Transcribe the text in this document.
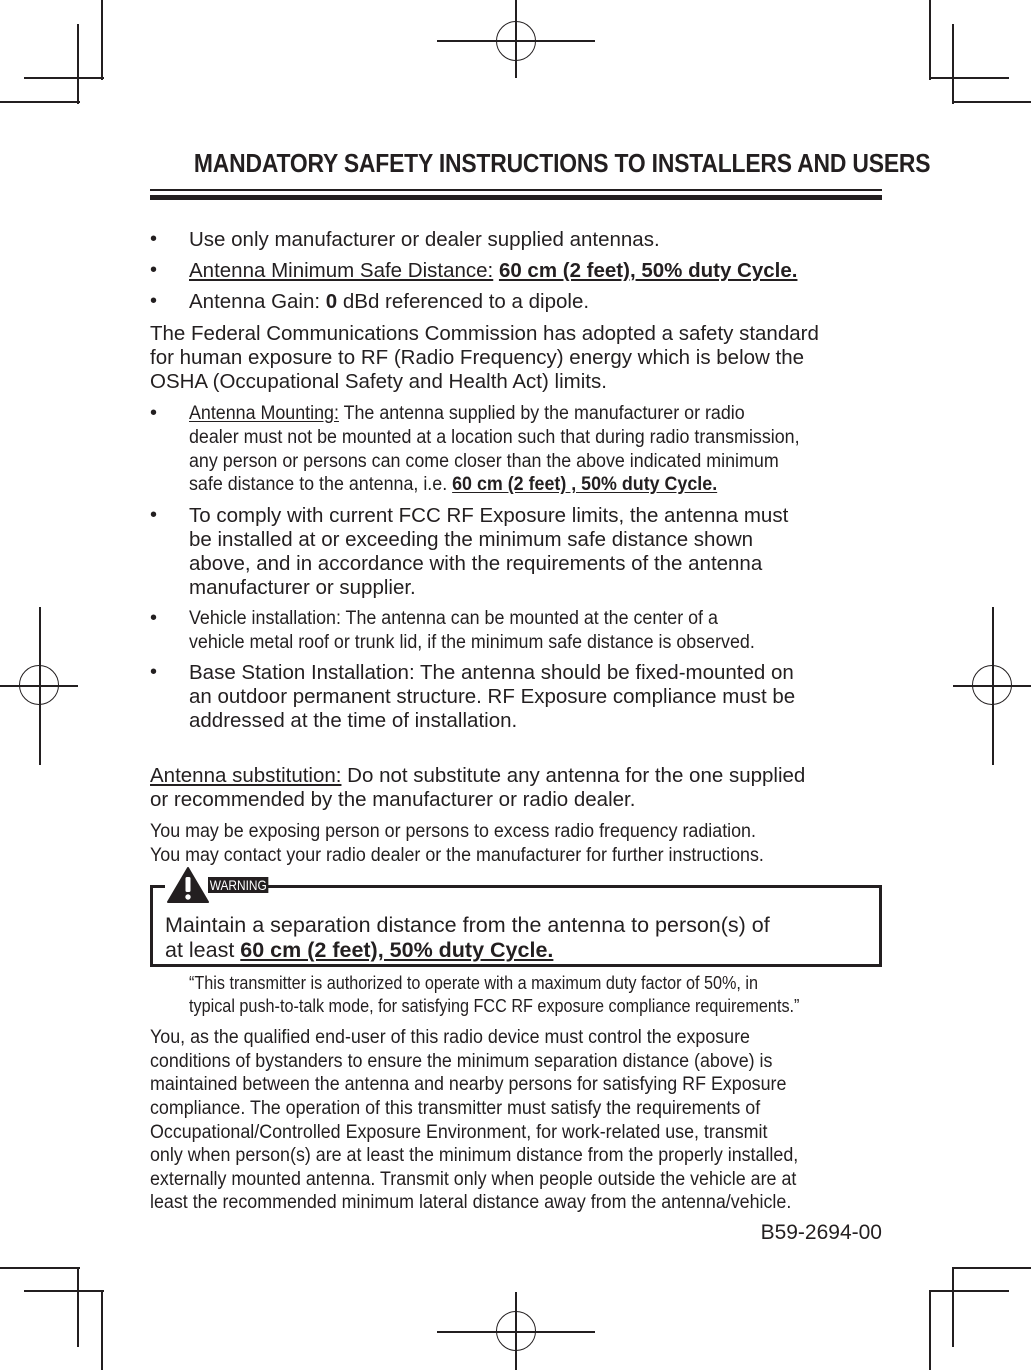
MANDATORY SAFETY INSTRUCTIONS TO INSTALLERS AND USERS
• Use only manufacturer or dealer supplied antennas.
• Antenna Minimum Safe Distance: 60 cm (2 feet), 50% duty Cycle.
• Antenna Gain: 0 dBd referenced to a dipole.
The Federal Communications Commission has adopted a safety standard
for human exposure to RF (Radio Frequency) energy which is below the
OSHA (Occupational Safety and Health Act) limits.
• Antenna Mounting: The antenna supplied by the manufacturer or radio
dealer must not be mounted at a location such that during radio transmission,
any person or persons can come closer than the above indicated minimum
safe distance to the antenna, i.e. 60 cm (2 feet) , 50% duty Cycle.
• To comply with current FCC RF Exposure limits, the antenna must
be installed at or exceeding the minimum safe distance shown
above, and in accordance with the requirements of the antenna
manufacturer or supplier.
• Vehicle installation: The antenna can be mounted at the center of a
vehicle metal roof or trunk lid, if the minimum safe distance is observed.
• Base Station Installation: The antenna should be fixed-mounted on
an outdoor permanent structure. RF Exposure compliance must be
addressed at the time of installation.
Antenna substitution: Do not substitute any antenna for the one supplied
or recommended by the manufacturer or radio dealer.
You may be exposing person or persons to excess radio frequency radiation.
You may contact your radio dealer or the manufacturer for further instructions.
WARNING
Maintain a separation distance from the antenna to person(s) of
at least 60 cm (2 feet), 50% duty Cycle.
“This transmitter is authorized to operate with a maximum duty factor of 50%, in
typical push-to-talk mode, for satisfying FCC RF exposure compliance requirements.”
You, as the qualified end-user of this radio device must control the exposure
conditions of bystanders to ensure the minimum separation distance (above) is
maintained between the antenna and nearby persons for satisfying RF Exposure
compliance. The operation of this transmitter must satisfy the requirements of
Occupational/Controlled Exposure Environment, for work-related use, transmit
only when person(s) are at least the minimum distance from the properly installed,
externally mounted antenna. Transmit only when people outside the vehicle are at
least the recommended minimum lateral distance away from the antenna/vehicle.
B59-2694-00
